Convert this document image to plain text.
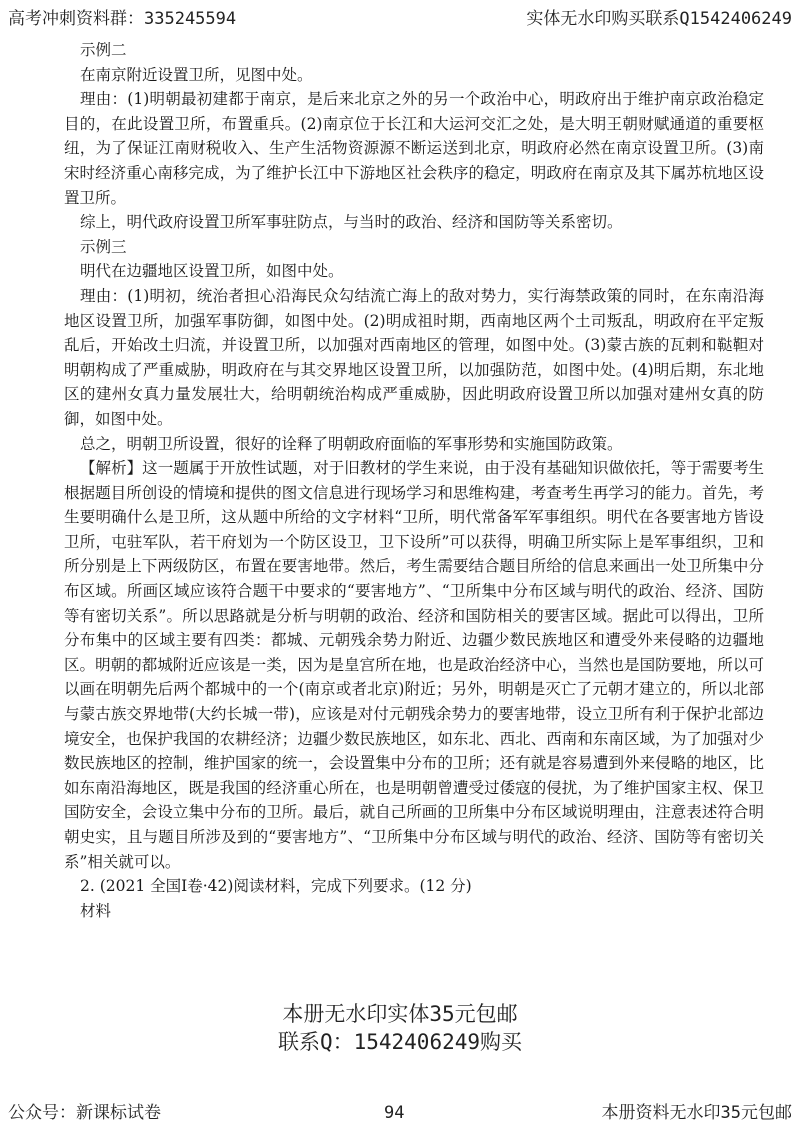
高考冲刺资料群：335245594	实体无水印购买联系Q1542406249

示例二

在南京附近设置卫所，见图中处。

理由：(1)明朝最初建都于南京，是后来北京之外的另一个政治中心，明政府出于维护南京政治稳定目的，在此设置卫所，布置重兵。(2)南京位于长江和大运河交汇之处，是大明王朝财赋通道的重要枢纽，为了保证江南财税收入、生产生活物资源源不断运送到北京，明政府必然在南京设置卫所。(3)南宋时经济重心南移完成，为了维护长江中下游地区社会秩序的稳定，明政府在南京及其下属苏杭地区设置卫所。

综上，明代政府设置卫所军事驻防点，与当时的政治、经济和国防等关系密切。

示例三

明代在边疆地区设置卫所，如图中处。

理由：(1)明初，统治者担心沿海民众勾结流亡海上的敌对势力，实行海禁政策的同时，在东南沿海地区设置卫所，加强军事防御，如图中处。(2)明成祖时期，西南地区两个土司叛乱，明政府在平定叛乱后，开始改土归流，并设置卫所，以加强对西南地区的管理，如图中处。(3)蒙古族的瓦剌和鞑靼对明朝构成了严重威胁，明政府在与其交界地区设置卫所，以加强防范，如图中处。(4)明后期，东北地区的建州女真力量发展壮大，给明朝统治构成严重威胁，因此明政府设置卫所以加强对建州女真的防御，如图中处。

总之，明朝卫所设置，很好的诠释了明朝政府面临的军事形势和实施国防政策。

【解析】这一题属于开放性试题，对于旧教材的学生来说，由于没有基础知识做依托，等于需要考生根据题目所创设的情境和提供的图文信息进行现场学习和思维构建，考查考生再学习的能力。首先，考生要明确什么是卫所，这从题中所给的文字材料“卫所，明代常备军军事组织。明代在各要害地方皆设卫所，屯驻军队，若干府划为一个防区设卫，卫下设所”可以获得，明确卫所实际上是军事组织，卫和所分别是上下两级防区，布置在要害地带。然后，考生需要结合题目所给的信息来画出一处卫所集中分布区域。所画区域应该符合题干中要求的“要害地方”、“卫所集中分布区域与明代的政治、经济、国防等有密切关系”。所以思路就是分析与明朝的政治、经济和国防相关的要害区域。据此可以得出，卫所分布集中的区域主要有四类：都城、元朝残余势力附近、边疆少数民族地区和遭受外来侵略的边疆地区。明朝的都城附近应该是一类，因为是皇宫所在地，也是政治经济中心，当然也是国防要地，所以可以画在明朝先后两个都城中的一个(南京或者北京)附近；另外，明朝是灭亡了元朝才建立的，所以北部与蒙古族交界地带(大约长城一带)，应该是对付元朝残余势力的要害地带，设立卫所有利于保护北部边境安全，也保护我国的农耕经济；边疆少数民族地区，如东北、西北、西南和东南区域，为了加强对少数民族地区的控制，维护国家的统一，会设置集中分布的卫所；还有就是容易遭到外来侵略的地区，比如东南沿海地区，既是我国的经济重心所在，也是明朝曾遭受过倭寇的侵扰，为了维护国家主权、保卫国防安全，会设立集中分布的卫所。最后，就自己所画的卫所集中分布区域说明理由，注意表述符合明朝史实，且与题目所涉及到的“要害地方”、“卫所集中分布区域与明代的政治、经济、国防等有密切关系”相关就可以。

2. (2021 全国I卷·42)阅读材料，完成下列要求。(12 分)

材料

本册无水印实体35元包邮
联系Q：1542406249购买
公众号：新课标试卷	94	本册资料无水印35元包邮
